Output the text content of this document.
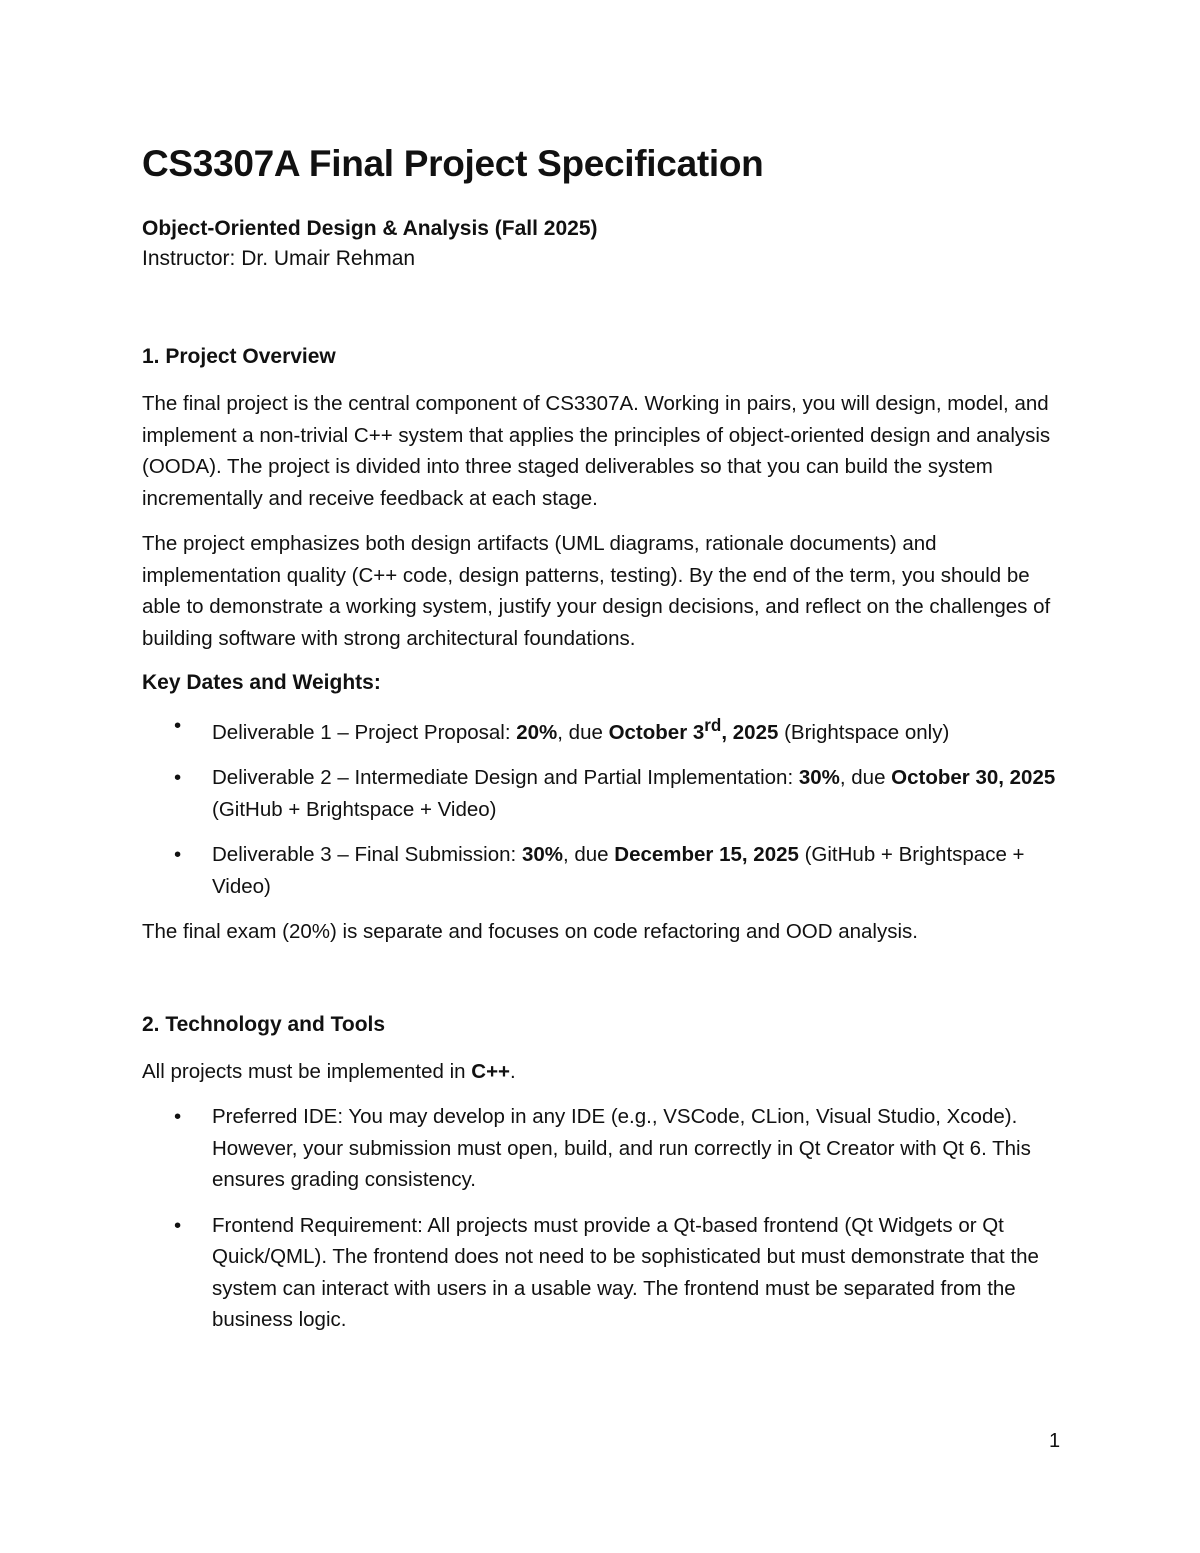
CS3307A Final Project Specification
Object-Oriented Design & Analysis (Fall 2025)
Instructor: Dr. Umair Rehman
1. Project Overview

The final project is the central component of CS3307A. Working in pairs, you will design, model, and implement a non-trivial C++ system that applies the principles of object-oriented design and analysis (OODA). The project is divided into three staged deliverables so that you can build the system incrementally and receive feedback at each stage.

The project emphasizes both design artifacts (UML diagrams, rationale documents) and implementation quality (C++ code, design patterns, testing). By the end of the term, you should be able to demonstrate a working system, justify your design decisions, and reflect on the challenges of building software with strong architectural foundations.

Key Dates and Weights:
• Deliverable 1 – Project Proposal: 20%, due October 3rd, 2025 (Brightspace only)
• Deliverable 2 – Intermediate Design and Partial Implementation: 30%, due October 30, 2025 (GitHub + Brightspace + Video)
• Deliverable 3 – Final Submission: 30%, due December 15, 2025 (GitHub + Brightspace + Video)

The final exam (20%) is separate and focuses on code refactoring and OOD analysis.

2. Technology and Tools

All projects must be implemented in C++.

• Preferred IDE: You may develop in any IDE (e.g., VSCode, CLion, Visual Studio, Xcode). However, your submission must open, build, and run correctly in Qt Creator with Qt 6. This ensures grading consistency.
• Frontend Requirement: All projects must provide a Qt-based frontend (Qt Widgets or Qt Quick/QML). The frontend does not need to be sophisticated but must demonstrate that the system can interact with users in a usable way. The frontend must be separated from the business logic.
1
